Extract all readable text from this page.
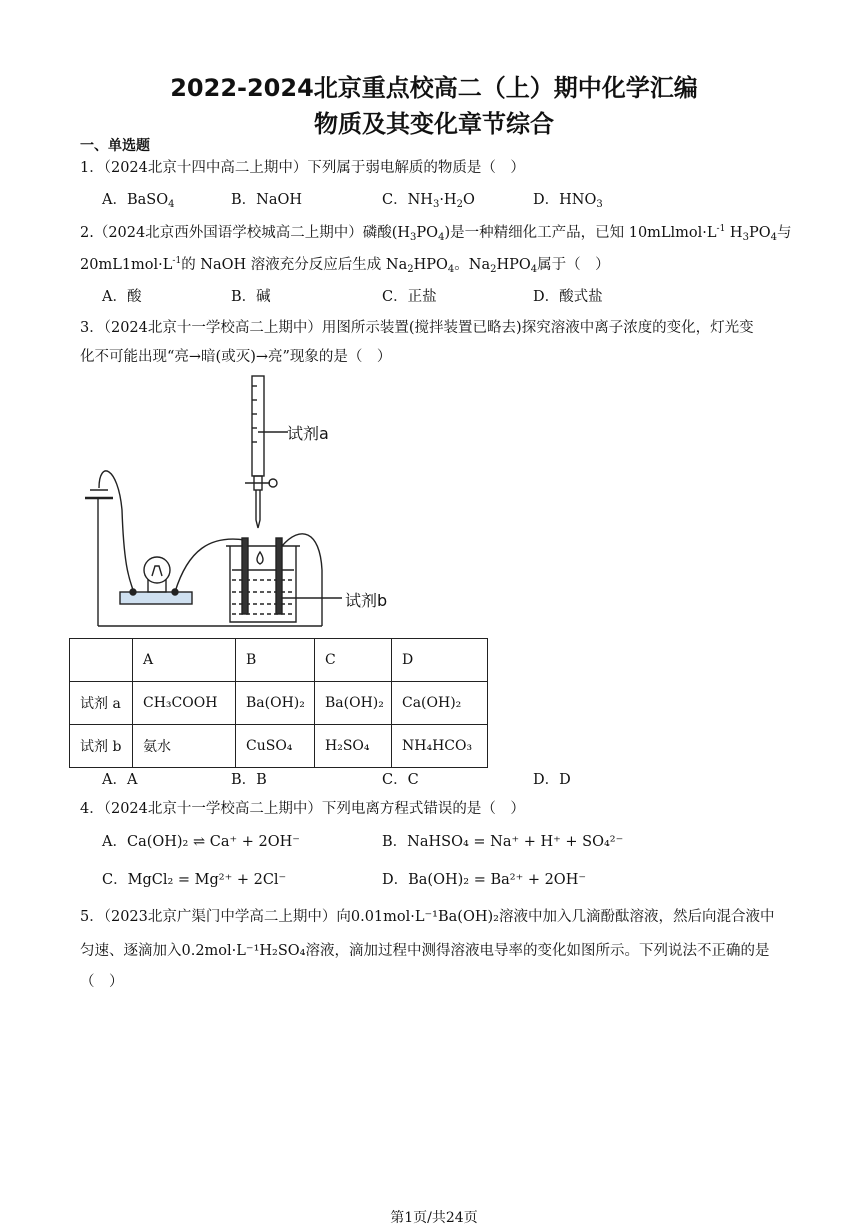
2022-2024北京重点校高二（上）期中化学汇编
物质及其变化章节综合
一、单选题
1．（2024北京十四中高二上期中）下列属于弱电解质的物质是（　）
A．BaSO$_4$	B．NaOH	C．$NH_3\cdot H_2O$	D．$HNO_3$
2.（2024北京西外国语学校城高二上期中）磷酸$(H_3PO_4)$是一种精细化工产品，已知 $10mLlmol\cdot L^{-1}$ $H_3PO_4$与
$20mL1mol\cdot L^{-1}$的 NaOH 溶液充分反应后生成 $Na_2HPO_4$。$Na_2HPO_4$属于（　）
A．酸	B．碱	C．正盐	D．酸式盐
3．（2024北京十一学校高二上期中）用图所示装置(搅拌装置已略去)探究溶液中离子浓度的变化，灯光变
化不可能出现“亮→暗(或灭)→亮”现象的是（　）
试剂a
试剂b
	A	B	C	D
试剂 a	CH₃COOH	Ba(OH)₂	Ba(OH)₂	Ca(OH)₂
试剂 b	氨水	CuSO₄	H₂SO₄	NH₄HCO₃
A．A	B．B	C．C	D．D
4．（2024北京十一学校高二上期中）下列电离方程式错误的是（　）
A．Ca(OH)₂ ⇌ Ca⁺ + 2OH⁻	B．NaHSO₄ = Na⁺ + H⁺ + SO₄²⁻
C．MgCl₂ = Mg²⁺ + 2Cl⁻	D．Ba(OH)₂ = Ba²⁺ + 2OH⁻
5．（2023北京广渠门中学高二上期中）向0.01mol·L⁻¹Ba(OH)₂溶液中加入几滴酚酞溶液，然后向混合液中
匀速、逐滴加入0.2mol·L⁻¹H₂SO₄溶液，滴加过程中测得溶液电导率的变化如图所示。下列说法不正确的是
（　）
第1页/共24页
